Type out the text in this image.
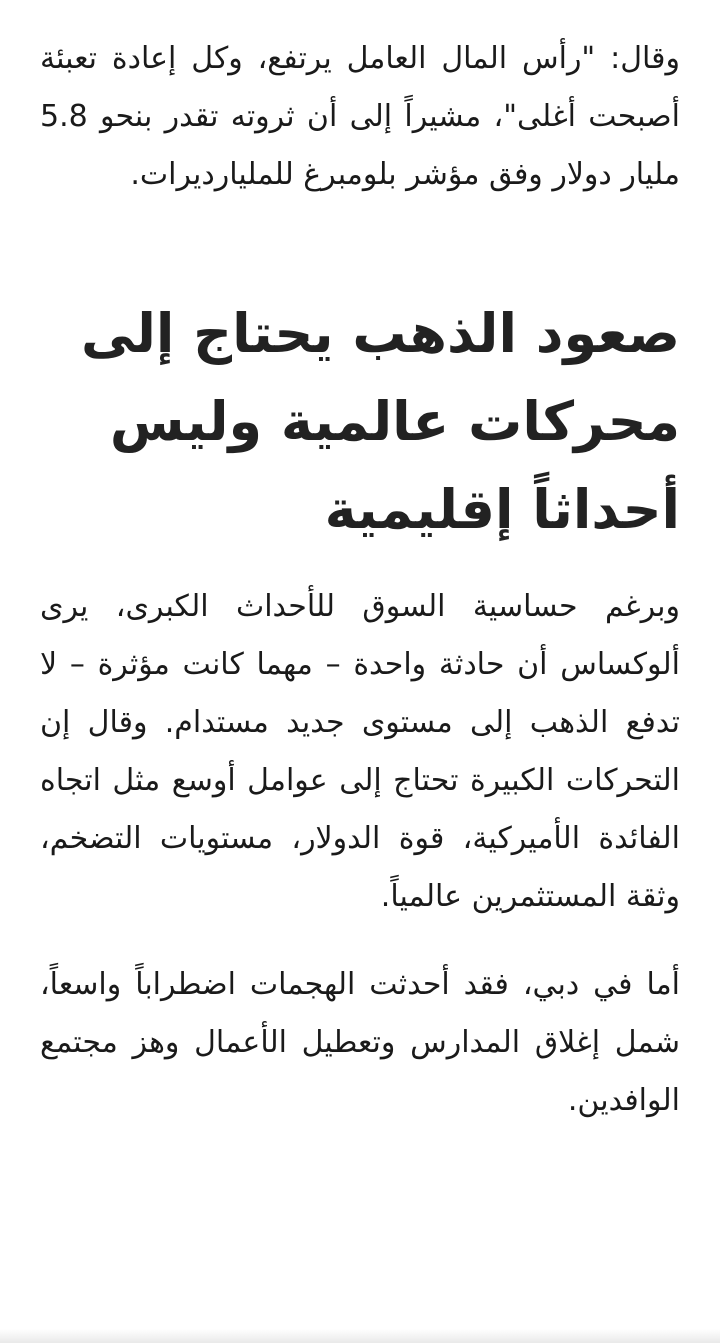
وقال: "رأس المال العامل يرتفع، وكل إعادة تعبئة أصبحت أغلى"، مشيراً إلى أن ثروته تقدر بنحو 5.8 مليار دولار وفق مؤشر بلومبرغ للمليارديرات.

صعود الذهب يحتاج إلى محركات عالمية وليس أحداثاً إقليمية

وبرغم حساسية السوق للأحداث الكبرى، يرى ألوكساس أن حادثة واحدة – مهما كانت مؤثرة – لا تدفع الذهب إلى مستوى جديد مستدام. وقال إن التحركات الكبيرة تحتاج إلى عوامل أوسع مثل اتجاه الفائدة الأميركية، قوة الدولار، مستويات التضخم، وثقة المستثمرين عالمياً.

أما في دبي، فقد أحدثت الهجمات اضطراباً واسعاً، شمل إغلاق المدارس وتعطيل الأعمال وهز مجتمع الوافدين.
